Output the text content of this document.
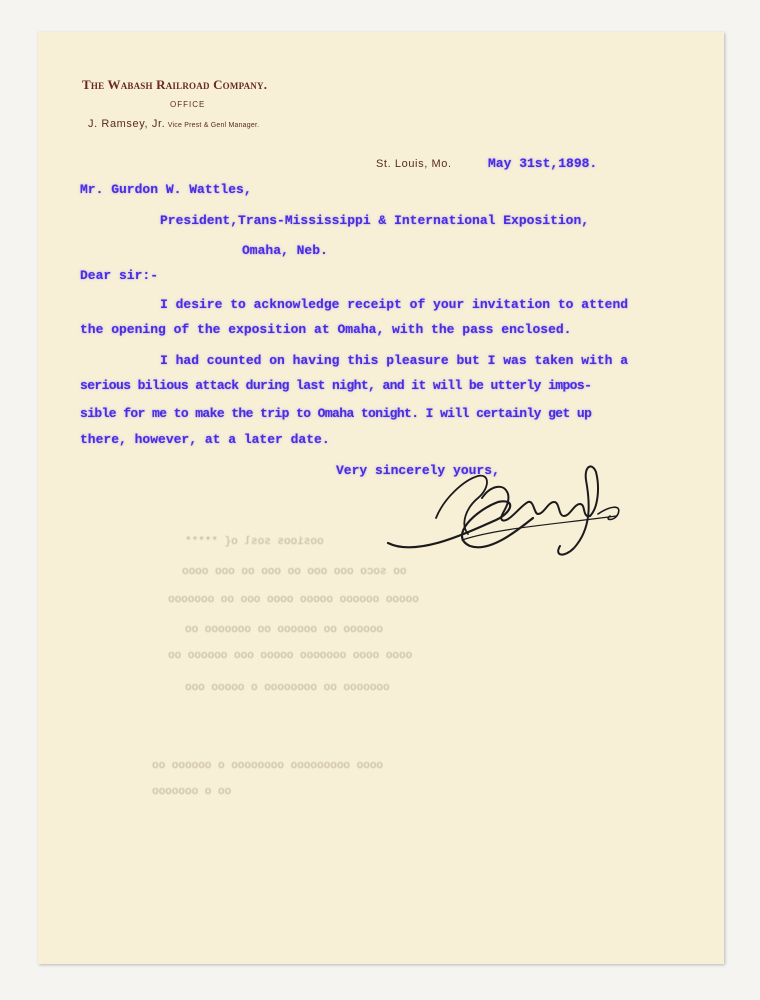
The Wabash Railroad Company.
OFFICE
J. Ramsey, Jr. Vice Prest & Genl Manager.
St. Louis, Mo.	May 31st,1898.
Mr. Gurdon W. Wattles,
President,Trans-Mississippi & International Exposition,
Omaha, Neb.
Dear sir:-
I desire to acknowledge receipt of your invitation to attend
the opening of the exposition at Omaha, with the pass enclosed.
I had counted on having this pleasure but I was taken with a
serious bilious attack during last night, and it will be utterly impos-
sible for me to make the trip to Omaha tonight. I will certainly get up
there, however, at a later date.
Very sincerely yours,
oosioos sosl o{ *****
oo soco ooo ooo oo ooo oo ooo oooo
ooooo oooooo ooooo oooo ooo oo ooooooo
oooooo oo oooooo oo ooooooo oo
oooo oooo ooooooo ooooo ooo oooooo oo
ooooooo oo oooooooo o ooooo ooo
oooo ooooooooo oooooooo o oooooo oo
oo o ooooooo
